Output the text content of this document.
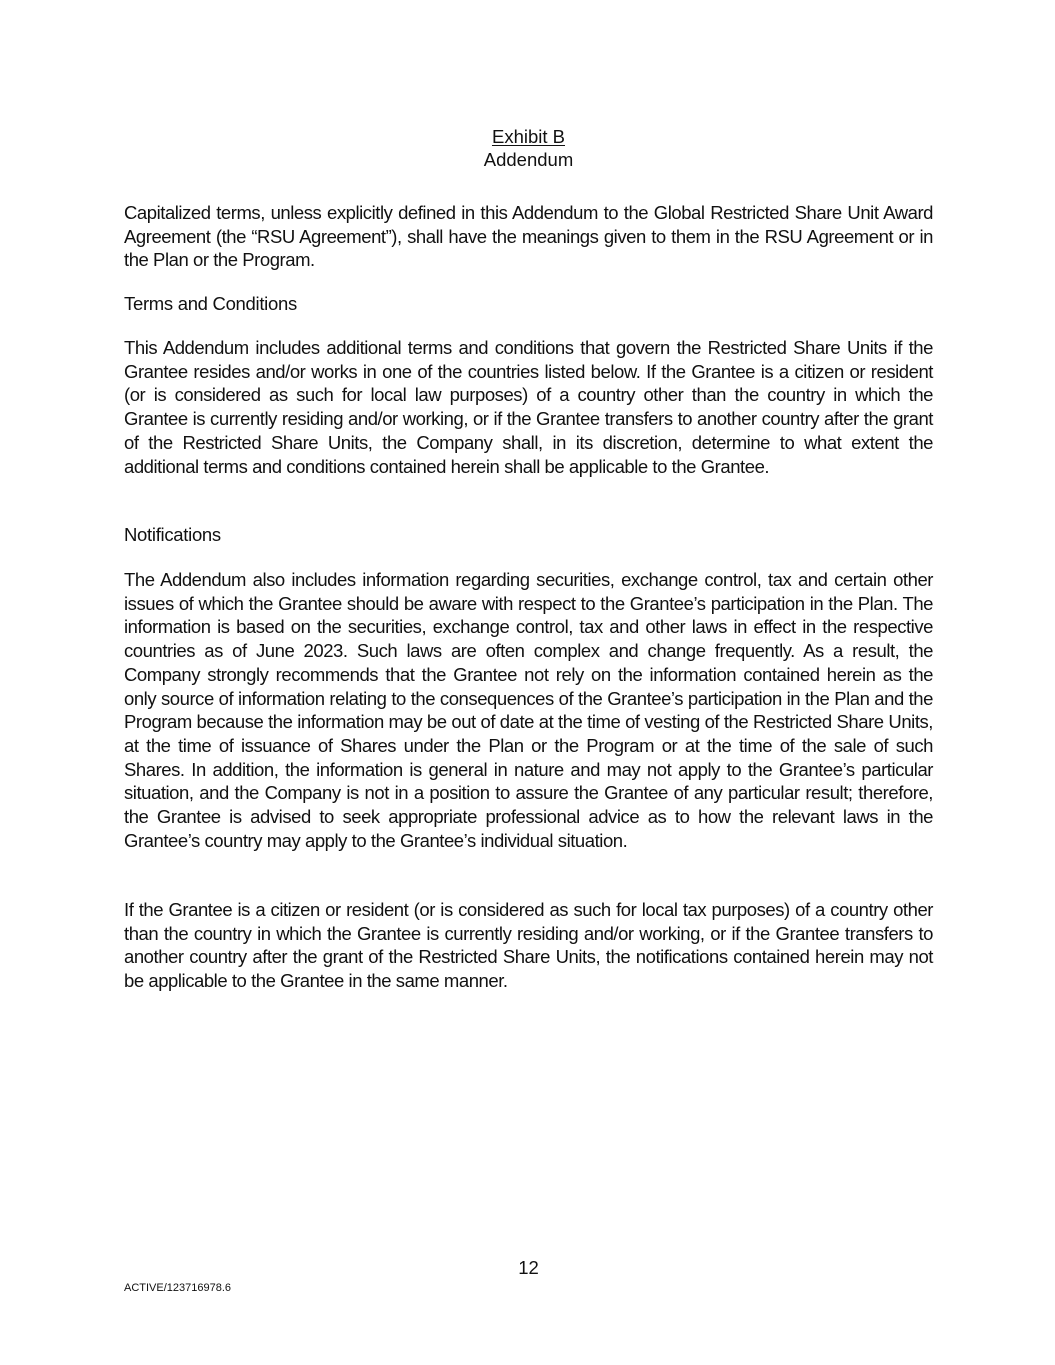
Exhibit B
Addendum

Capitalized terms, unless explicitly defined in this Addendum to the Global Restricted Share Unit Award Agreement (the “RSU Agreement”), shall have the meanings given to them in the RSU Agreement or in the Plan or the Program.

Terms and Conditions

This Addendum includes additional terms and conditions that govern the Restricted Share Units if the Grantee resides and/or works in one of the countries listed below. If the Grantee is a citizen or resident (or is considered as such for local law purposes) of a country other than the country in which the Grantee is currently residing and/or working, or if the Grantee transfers to another country after the grant of the Restricted Share Units, the Company shall, in its discretion, determine to what extent the additional terms and conditions contained herein shall be applicable to the Grantee.

Notifications

The Addendum also includes information regarding securities, exchange control, tax and certain other issues of which the Grantee should be aware with respect to the Grantee’s participation in the Plan. The information is based on the securities, exchange control, tax and other laws in effect in the respective countries as of June 2023. Such laws are often complex and change frequently. As a result, the Company strongly recommends that the Grantee not rely on the information contained herein as the only source of information relating to the consequences of the Grantee’s participation in the Plan and the Program because the information may be out of date at the time of vesting of the Restricted Share Units, at the time of issuance of Shares under the Plan or the Program or at the time of the sale of such Shares. In addition, the information is general in nature and may not apply to the Grantee’s particular situation, and the Company is not in a position to assure the Grantee of any particular result; therefore, the Grantee is advised to seek appropriate professional advice as to how the relevant laws in the Grantee’s country may apply to the Grantee’s individual situation.

If the Grantee is a citizen or resident (or is considered as such for local tax purposes) of a country other than the country in which the Grantee is currently residing and/or working, or if the Grantee transfers to another country after the grant of the Restricted Share Units, the notifications contained herein may not be applicable to the Grantee in the same manner.

12
ACTIVE/123716978.6
